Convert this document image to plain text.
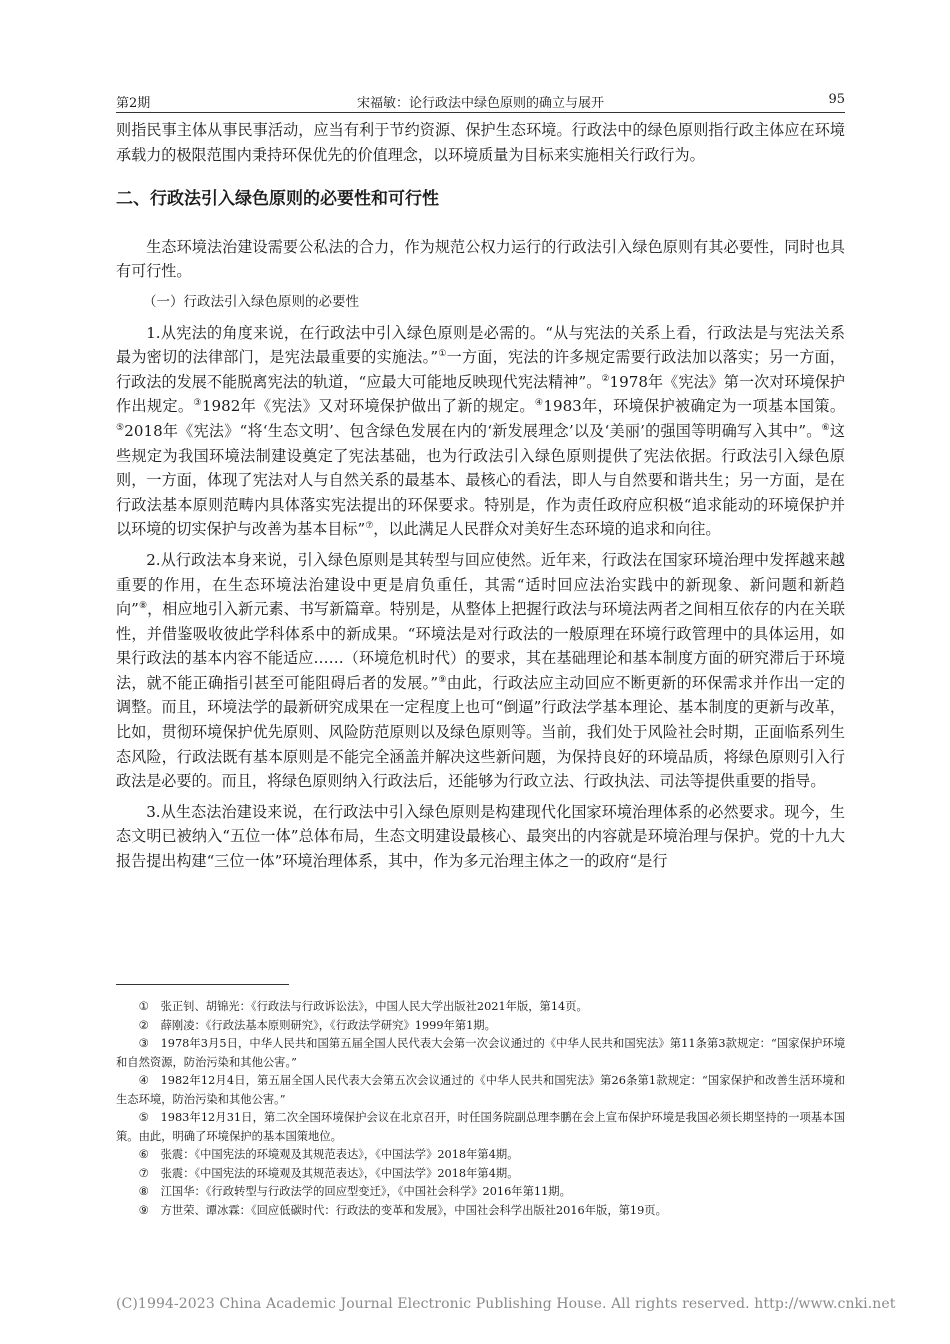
第2期	宋福敏：论行政法中绿色原则的确立与展开	95

则指民事主体从事民事活动，应当有利于节约资源、保护生态环境。行政法中的绿色原则指行政主体应在环境承载力的极限范围内秉持环保优先的价值理念，以环境质量为目标来实施相关行政行为。

二、行政法引入绿色原则的必要性和可行性

生态环境法治建设需要公私法的合力，作为规范公权力运行的行政法引入绿色原则有其必要性，同时也具有可行性。

（一）行政法引入绿色原则的必要性

1.从宪法的角度来说，在行政法中引入绿色原则是必需的。“从与宪法的关系上看，行政法是与宪法关系最为密切的法律部门，是宪法最重要的实施法。”①一方面，宪法的许多规定需要行政法加以落实；另一方面，行政法的发展不能脱离宪法的轨道，“应最大可能地反映现代宪法精神”。②1978年《宪法》第一次对环境保护作出规定。③1982年《宪法》又对环境保护做出了新的规定。④1983年，环境保护被确定为一项基本国策。⑤2018年《宪法》“将‘生态文明’、包含绿色发展在内的‘新发展理念’以及‘美丽’的强国等明确写入其中”。⑥这些规定为我国环境法制建设奠定了宪法基础，也为行政法引入绿色原则提供了宪法依据。行政法引入绿色原则，一方面，体现了宪法对人与自然关系的最基本、最核心的看法，即人与自然要和谐共生；另一方面，是在行政法基本原则范畴内具体落实宪法提出的环保要求。特别是，作为责任政府应积极“追求能动的环境保护并以环境的切实保护与改善为基本目标”⑦，以此满足人民群众对美好生态环境的追求和向往。

2.从行政法本身来说，引入绿色原则是其转型与回应使然。近年来，行政法在国家环境治理中发挥越来越重要的作用，在生态环境法治建设中更是肩负重任，其需“适时回应法治实践中的新现象、新问题和新趋向”⑧，相应地引入新元素、书写新篇章。特别是，从整体上把握行政法与环境法两者之间相互依存的内在关联性，并借鉴吸收彼此学科体系中的新成果。“环境法是对行政法的一般原理在环境行政管理中的具体运用，如果行政法的基本内容不能适应……（环境危机时代）的要求，其在基础理论和基本制度方面的研究滞后于环境法，就不能正确指引甚至可能阻碍后者的发展。”⑨由此，行政法应主动回应不断更新的环保需求并作出一定的调整。而且，环境法学的最新研究成果在一定程度上也可“倒逼”行政法学基本理论、基本制度的更新与改革，比如，贯彻环境保护优先原则、风险防范原则以及绿色原则等。当前，我们处于风险社会时期，正面临系列生态风险，行政法既有基本原则是不能完全涵盖并解决这些新问题，为保持良好的环境品质，将绿色原则引入行政法是必要的。而且，将绿色原则纳入行政法后，还能够为行政立法、行政执法、司法等提供重要的指导。

3.从生态法治建设来说，在行政法中引入绿色原则是构建现代化国家环境治理体系的必然要求。现今，生态文明已被纳入“五位一体”总体布局，生态文明建设最核心、最突出的内容就是环境治理与保护。党的十九大报告提出构建“三位一体”环境治理体系，其中，作为多元治理主体之一的政府“是行

① 张正钊、胡锦光：《行政法与行政诉讼法》，中国人民大学出版社2021年版，第14页。

② 薛刚凌：《行政法基本原则研究》，《行政法学研究》1999年第1期。

③ 1978年3月5日，中华人民共和国第五届全国人民代表大会第一次会议通过的《中华人民共和国宪法》第11条第3款规定：“国家保护环境和自然资源，防治污染和其他公害。”

④ 1982年12月4日，第五届全国人民代表大会第五次会议通过的《中华人民共和国宪法》第26条第1款规定：“国家保护和改善生活环境和生态环境，防治污染和其他公害。”

⑤ 1983年12月31日，第二次全国环境保护会议在北京召开，时任国务院副总理李鹏在会上宣布保护环境是我国必须长期坚持的一项基本国策。由此，明确了环境保护的基本国策地位。

⑥ 张震：《中国宪法的环境观及其规范表达》，《中国法学》2018年第4期。

⑦ 张震：《中国宪法的环境观及其规范表达》，《中国法学》2018年第4期。

⑧ 江国华：《行政转型与行政法学的回应型变迁》，《中国社会科学》2016年第11期。

⑨ 方世荣、谭冰霖：《回应低碳时代：行政法的变革和发展》，中国社会科学出版社2016年版，第19页。

(C)1994-2023 China Academic Journal Electronic Publishing House. All rights reserved. http://www.cnki.net
